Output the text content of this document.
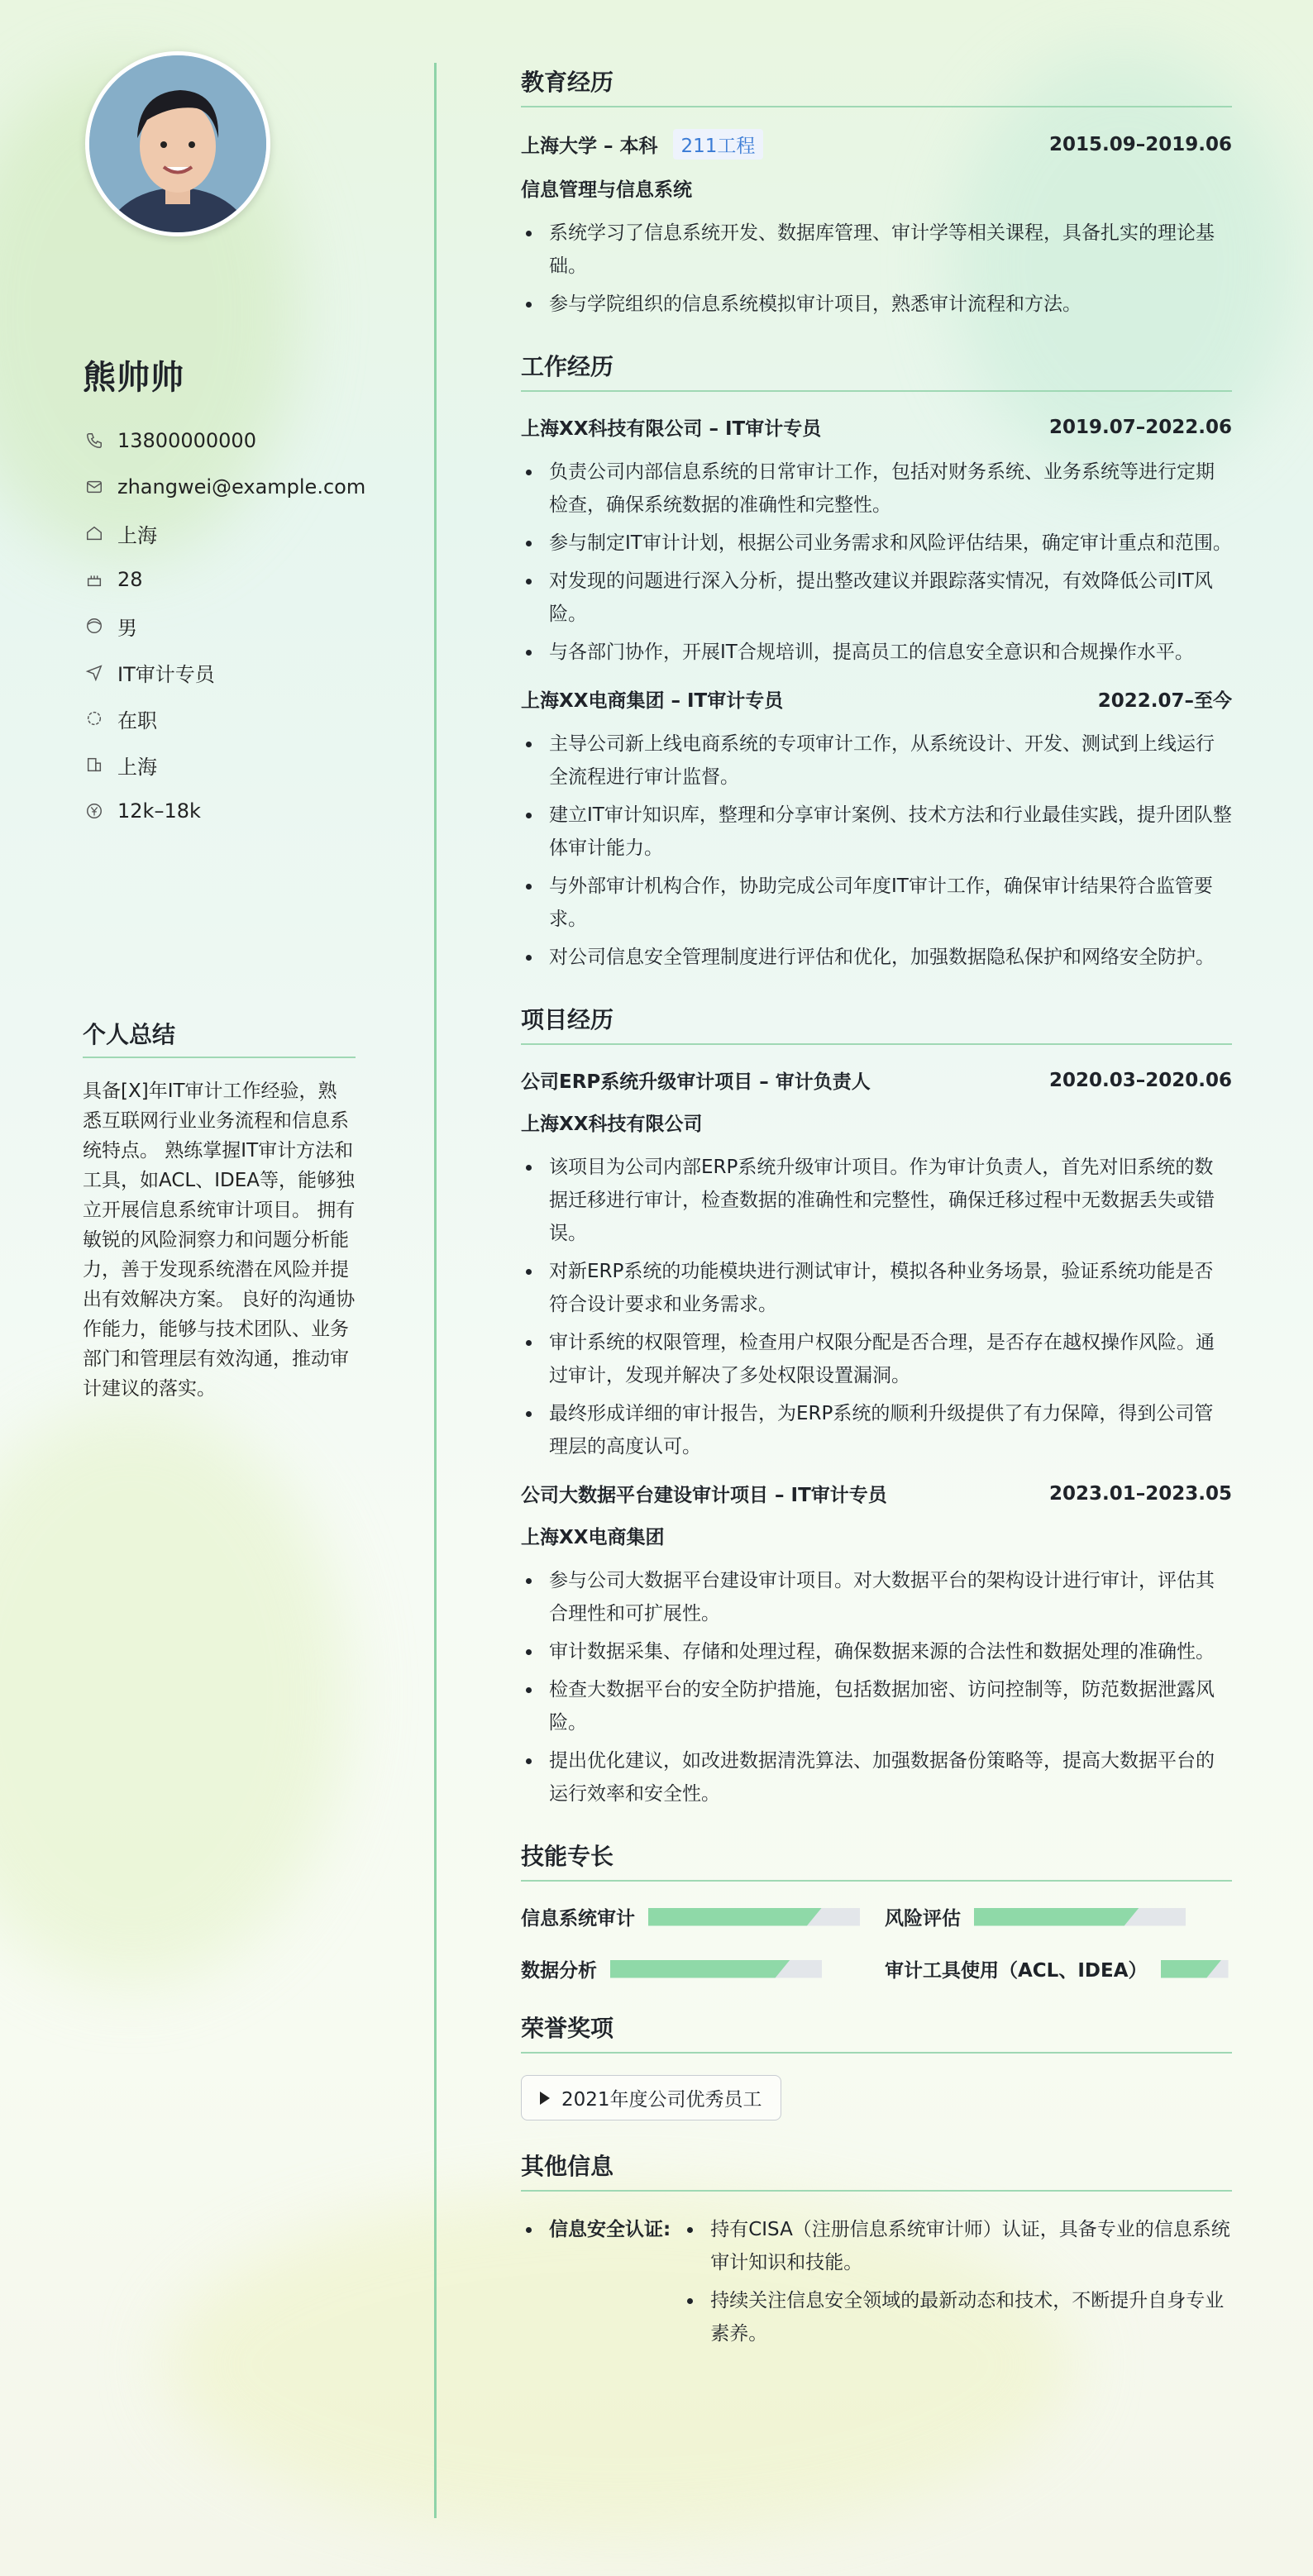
熊帅帅
13800000000
zhangwei@example.com
上海
28
男
IT审计专员
在职
上海
12k–18k
个人总结
具备[X]年IT审计工作经验，熟悉互联网行业业务流程和信息系统特点。 熟练掌握IT审计方法和工具，如ACL、IDEA等，能够独立开展信息系统审计项目。 拥有敏锐的风险洞察力和问题分析能力，善于发现系统潜在风险并提出有效解决方案。 良好的沟通协作能力，能够与技术团队、业务部门和管理层有效沟通，推动审计建议的落实。
教育经历
上海大学 – 本科 211工程	2015.09–2019.06
信息管理与信息系统
系统学习了信息系统开发、数据库管理、审计学等相关课程，具备扎实的理论基础。
参与学院组织的信息系统模拟审计项目，熟悉审计流程和方法。
工作经历
上海XX科技有限公司 – IT审计专员	2019.07–2022.06
负责公司内部信息系统的日常审计工作，包括对财务系统、业务系统等进行定期检查，确保系统数据的准确性和完整性。
参与制定IT审计计划，根据公司业务需求和风险评估结果，确定审计重点和范围。
对发现的问题进行深入分析，提出整改建议并跟踪落实情况，有效降低公司IT风险。
与各部门协作，开展IT合规培训，提高员工的信息安全意识和合规操作水平。
上海XX电商集团 – IT审计专员	2022.07–至今
主导公司新上线电商系统的专项审计工作，从系统设计、开发、测试到上线运行全流程进行审计监督。
建立IT审计知识库，整理和分享审计案例、技术方法和行业最佳实践，提升团队整体审计能力。
与外部审计机构合作，协助完成公司年度IT审计工作，确保审计结果符合监管要求。
对公司信息安全管理制度进行评估和优化，加强数据隐私保护和网络安全防护。
项目经历
公司ERP系统升级审计项目 – 审计负责人	2020.03–2020.06
上海XX科技有限公司
该项目为公司内部ERP系统升级审计项目。作为审计负责人，首先对旧系统的数据迁移进行审计，检查数据的准确性和完整性，确保迁移过程中无数据丢失或错误。
对新ERP系统的功能模块进行测试审计，模拟各种业务场景，验证系统功能是否符合设计要求和业务需求。
审计系统的权限管理，检查用户权限分配是否合理，是否存在越权操作风险。通过审计，发现并解决了多处权限设置漏洞。
最终形成详细的审计报告，为ERP系统的顺利升级提供了有力保障，得到公司管理层的高度认可。
公司大数据平台建设审计项目 – IT审计专员	2023.01–2023.05
上海XX电商集团
参与公司大数据平台建设审计项目。对大数据平台的架构设计进行审计，评估其合理性和可扩展性。
审计数据采集、存储和处理过程，确保数据来源的合法性和数据处理的准确性。
检查大数据平台的安全防护措施，包括数据加密、访问控制等，防范数据泄露风险。
提出优化建议，如改进数据清洗算法、加强数据备份策略等，提高大数据平台的运行效率和安全性。
技能专长
信息系统审计	风险评估
数据分析	审计工具使用（ACL、IDEA）
荣誉奖项
2021年度公司优秀员工
其他信息
信息安全认证:	持有CISA（注册信息系统审计师）认证，具备专业的信息系统审计知识和技能。
持续关注信息安全领域的最新动态和技术，不断提升自身专业素养。
